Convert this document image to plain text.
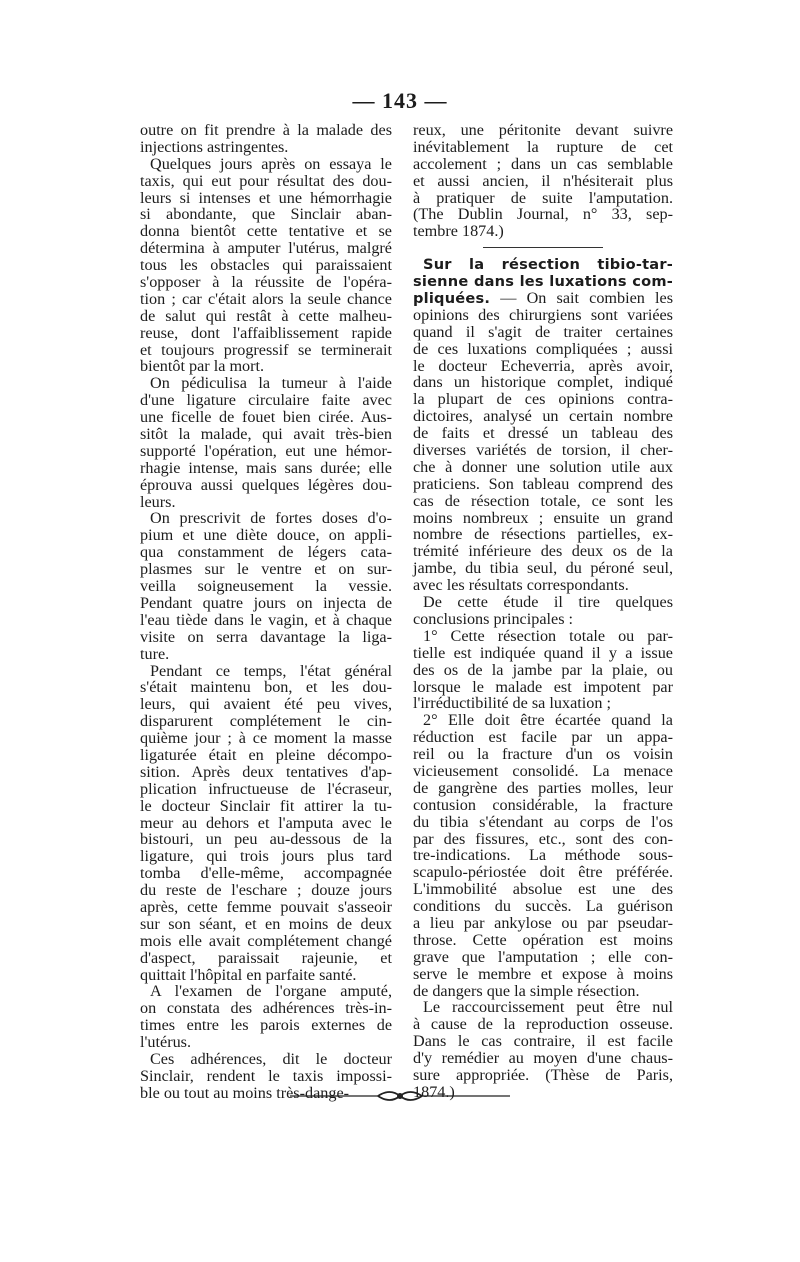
— 143 —
outre on fit prendre à la malade des
injections astringentes.
Quelques jours après on essaya le
taxis, qui eut pour résultat des dou-
leurs si intenses et une hémorrhagie
si abondante, que Sinclair aban-
donna bientôt cette tentative et se
détermina à amputer l'utérus, malgré
tous les obstacles qui paraissaient
s'opposer à la réussite de l'opéra-
tion ; car c'était alors la seule chance
de salut qui restât à cette malheu-
reuse, dont l'affaiblissement rapide
et toujours progressif se terminerait
bientôt par la mort.
On pédiculisa la tumeur à l'aide
d'une ligature circulaire faite avec
une ficelle de fouet bien cirée. Aus-
sitôt la malade, qui avait très-bien
supporté l'opération, eut une hémor-
rhagie intense, mais sans durée; elle
éprouva aussi quelques légères dou-
leurs.
On prescrivit de fortes doses d'o-
pium et une diète douce, on appli-
qua constamment de légers cata-
plasmes sur le ventre et on sur-
veilla soigneusement la vessie.
Pendant quatre jours on injecta de
l'eau tiède dans le vagin, et à chaque
visite on serra davantage la liga-
ture.
Pendant ce temps, l'état général
s'était maintenu bon, et les dou-
leurs, qui avaient été peu vives,
disparurent complétement le cin-
quième jour ; à ce moment la masse
ligaturée était en pleine décompo-
sition. Après deux tentatives d'ap-
plication infructueuse de l'écraseur,
le docteur Sinclair fit attirer la tu-
meur au dehors et l'amputa avec le
bistouri, un peu au-dessous de la
ligature, qui trois jours plus tard
tomba d'elle-même, accompagnée
du reste de l'eschare ; douze jours
après, cette femme pouvait s'asseoir
sur son séant, et en moins de deux
mois elle avait complétement changé
d'aspect, paraissait rajeunie, et
quittait l'hôpital en parfaite santé.
A l'examen de l'organe amputé,
on constata des adhérences très-in-
times entre les parois externes de
l'utérus.
Ces adhérences, dit le docteur
Sinclair, rendent le taxis impossi-
ble ou tout au moins très-dange-
reux, une péritonite devant suivre
inévitablement la rupture de cet
accolement ; dans un cas semblable
et aussi ancien, il n'hésiterait plus
à pratiquer de suite l'amputation.
(The Dublin Journal, n° 33, sep-
tembre 1874.)
Sur la résection tibio-tar-
sienne dans les luxations com-
pliquées. — On sait combien les
opinions des chirurgiens sont variées
quand il s'agit de traiter certaines
de ces luxations compliquées ; aussi
le docteur Echeverria, après avoir,
dans un historique complet, indiqué
la plupart de ces opinions contra-
dictoires, analysé un certain nombre
de faits et dressé un tableau des
diverses variétés de torsion, il cher-
che à donner une solution utile aux
praticiens. Son tableau comprend des
cas de résection totale, ce sont les
moins nombreux ; ensuite un grand
nombre de résections partielles, ex-
trémité inférieure des deux os de la
jambe, du tibia seul, du péroné seul,
avec les résultats correspondants.
De cette étude il tire quelques
conclusions principales :
1° Cette résection totale ou par-
tielle est indiquée quand il y a issue
des os de la jambe par la plaie, ou
lorsque le malade est impotent par
l'irréductibilité de sa luxation ;
2° Elle doit être écartée quand la
réduction est facile par un appa-
reil ou la fracture d'un os voisin
vicieusement consolidé. La menace
de gangrène des parties molles, leur
contusion considérable, la fracture
du tibia s'étendant au corps de l'os
par des fissures, etc., sont des con-
tre-indications. La méthode sous-
scapulo-périostée doit être préférée.
L'immobilité absolue est une des
conditions du succès. La guérison
a lieu par ankylose ou par pseudar-
throse. Cette opération est moins
grave que l'amputation ; elle con-
serve le membre et expose à moins
de dangers que la simple résection.
Le raccourcissement peut être nul
à cause de la reproduction osseuse.
Dans le cas contraire, il est facile
d'y remédier au moyen d'une chaus-
sure appropriée. (Thèse de Paris,
1874.)
